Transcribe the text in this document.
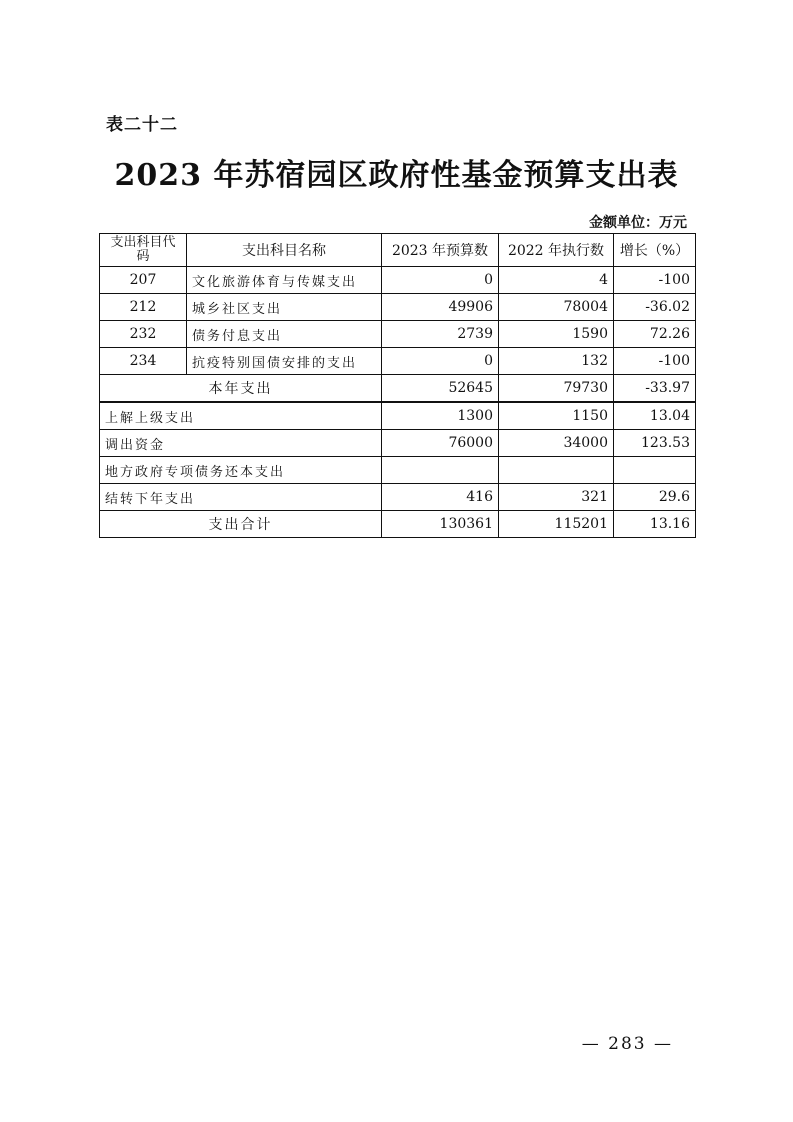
表二十二
2023 年苏宿园区政府性基金预算支出表
金额单位：万元
支出科目代码	支出科目名称	2023 年预算数	2022 年执行数	增长（%）
207	文化旅游体育与传媒支出	0	4	-100
212	城乡社区支出	49906	78004	-36.02
232	债务付息支出	2739	1590	72.26
234	抗疫特别国债安排的支出	0	132	-100
本年支出		52645	79730	-33.97
上解上级支出		1300	1150	13.04
调出资金		76000	34000	123.53
地方政府专项债务还本支出				
结转下年支出		416	321	29.6
支出合计		130361	115201	13.16
— 283 —
